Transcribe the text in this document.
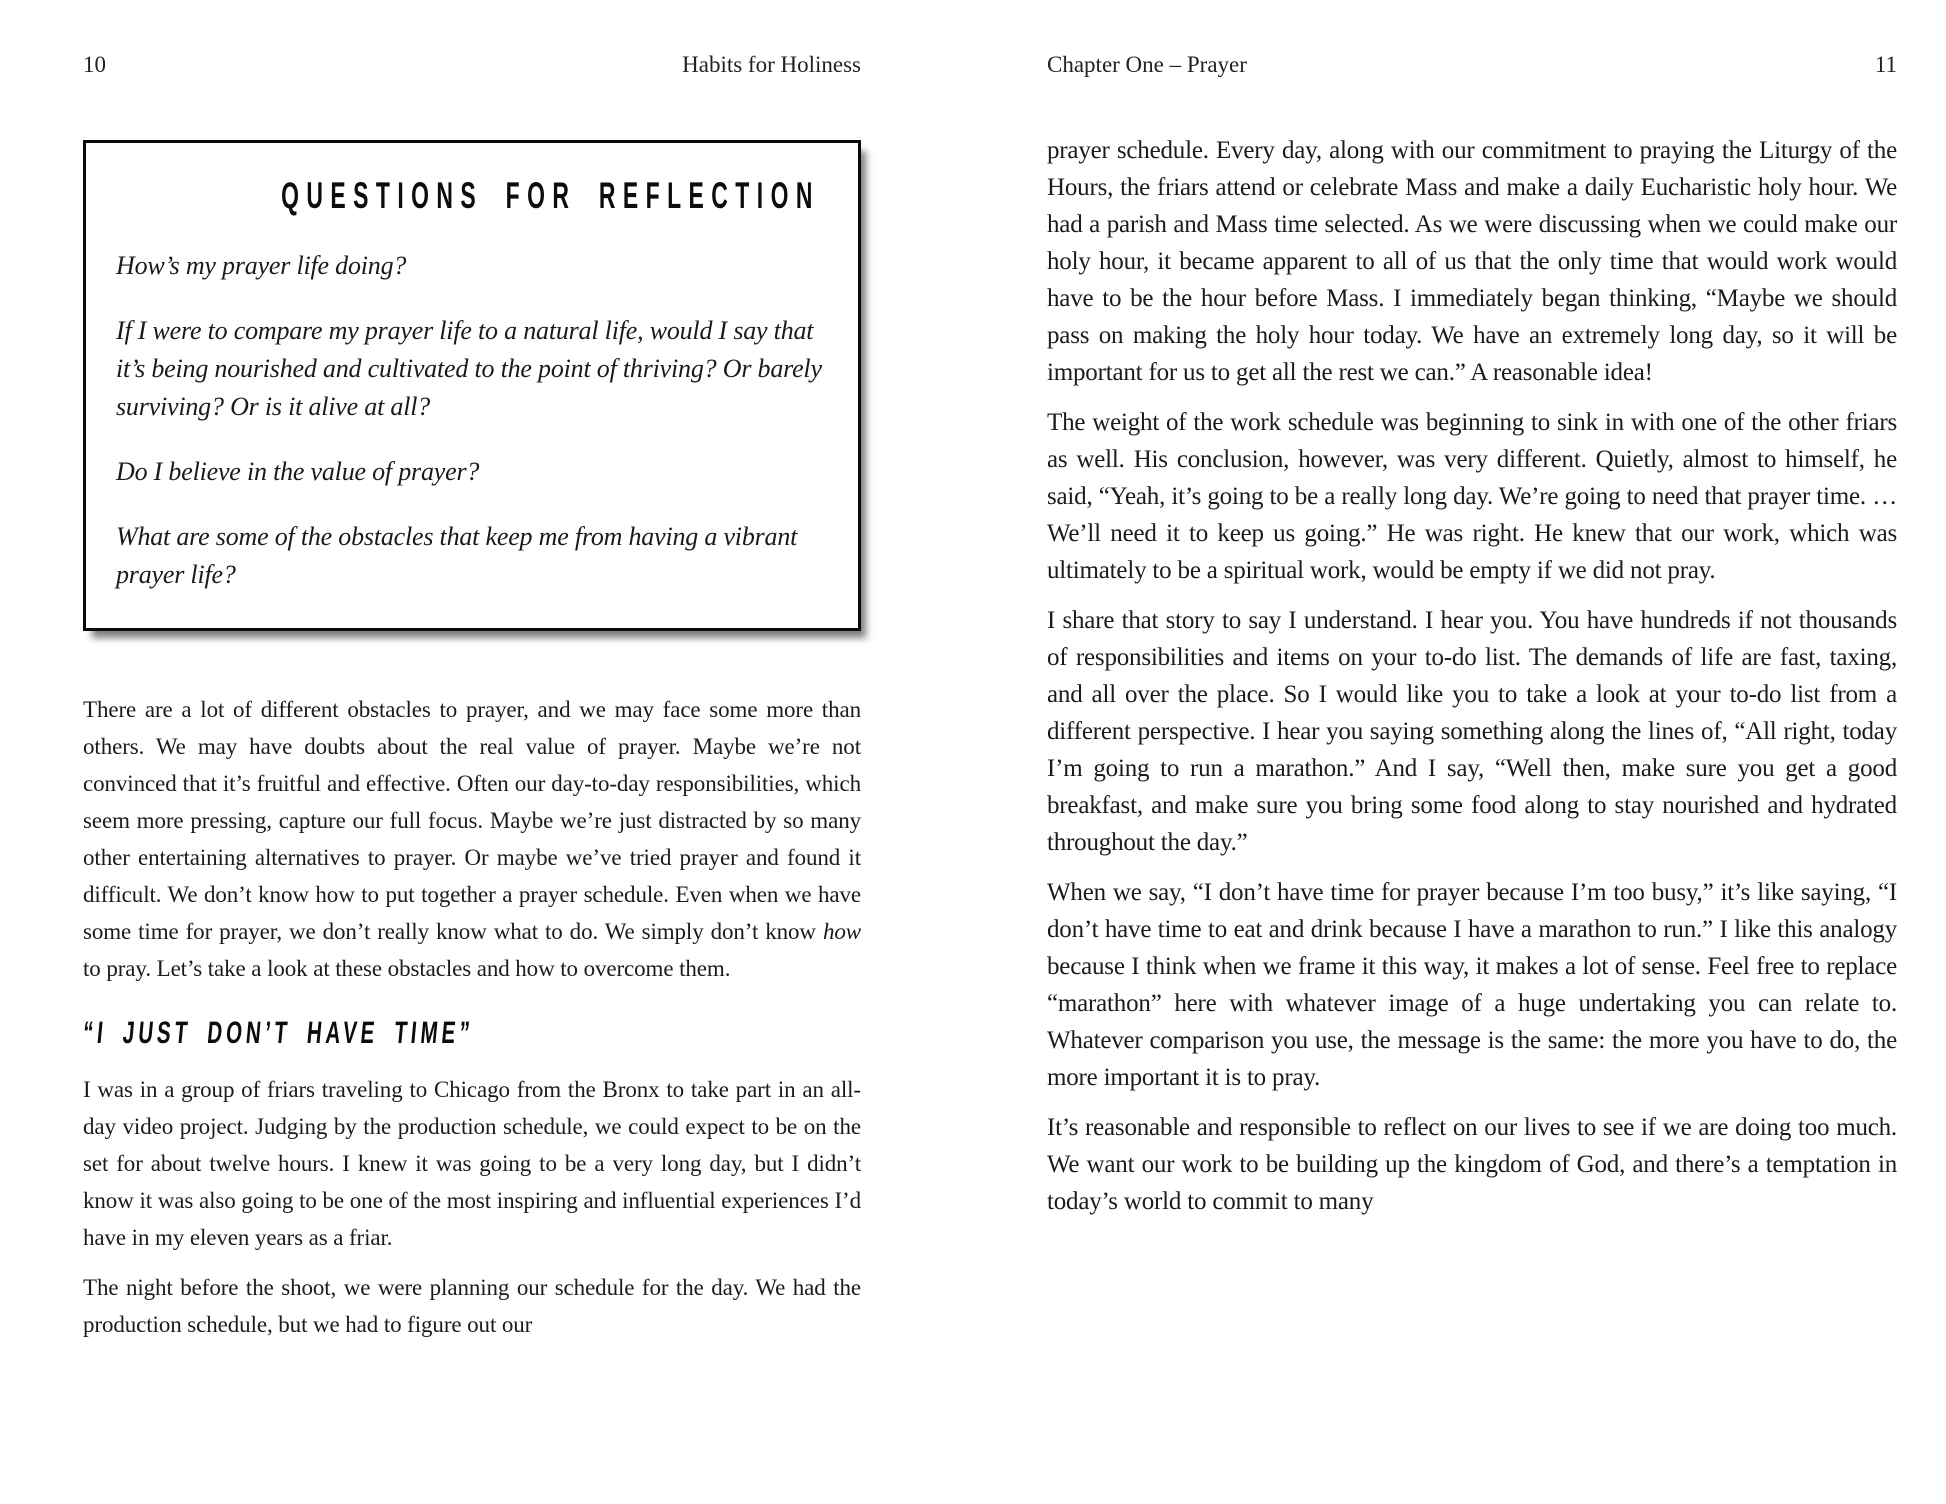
10	Habits for Holiness
QUESTIONS FOR REFLECTION

How’s my prayer life doing?

If I were to compare my prayer life to a natural life, would I say that it’s being nourished and cultivated to the point of thriving? Or barely surviving? Or is it alive at all?

Do I believe in the value of prayer?

What are some of the obstacles that keep me from having a vibrant prayer life?

There are a lot of different obstacles to prayer, and we may face some more than others. We may have doubts about the real value of prayer. Maybe we’re not convinced that it’s fruitful and effective. Often our day-to-day responsibilities, which seem more pressing, capture our full focus. Maybe we’re just distracted by so many other entertaining alternatives to prayer. Or maybe we’ve tried prayer and found it difficult. We don’t know how to put together a prayer schedule. Even when we have some time for prayer, we don’t really know what to do. We simply don’t know how to pray. Let’s take a look at these obstacles and how to overcome them.

“I JUST DON’T HAVE TIME”

I was in a group of friars traveling to Chicago from the Bronx to take part in an all-day video project. Judging by the production schedule, we could expect to be on the set for about twelve hours. I knew it was going to be a very long day, but I didn’t know it was also going to be one of the most inspiring and influential experiences I’d have in my eleven years as a friar.

The night before the shoot, we were planning our schedule for the day. We had the production schedule, but we had to figure out our

Chapter One – Prayer	11

prayer schedule. Every day, along with our commitment to praying the Liturgy of the Hours, the friars attend or celebrate Mass and make a daily Eucharistic holy hour. We had a parish and Mass time selected. As we were discussing when we could make our holy hour, it became apparent to all of us that the only time that would work would have to be the hour before Mass. I immediately began thinking, “Maybe we should pass on making the holy hour today. We have an extremely long day, so it will be important for us to get all the rest we can.” A reasonable idea!

The weight of the work schedule was beginning to sink in with one of the other friars as well. His conclusion, however, was very different. Quietly, almost to himself, he said, “Yeah, it’s going to be a really long day. We’re going to need that prayer time. … We’ll need it to keep us going.” He was right. He knew that our work, which was ultimately to be a spiritual work, would be empty if we did not pray.

I share that story to say I understand. I hear you. You have hundreds if not thousands of responsibilities and items on your to-do list. The demands of life are fast, taxing, and all over the place. So I would like you to take a look at your to-do list from a different perspective. I hear you saying something along the lines of, “All right, today I’m going to run a marathon.” And I say, “Well then, make sure you get a good breakfast, and make sure you bring some food along to stay nourished and hydrated throughout the day.”

When we say, “I don’t have time for prayer because I’m too busy,” it’s like saying, “I don’t have time to eat and drink because I have a marathon to run.” I like this analogy because I think when we frame it this way, it makes a lot of sense. Feel free to replace “marathon” here with whatever image of a huge undertaking you can relate to. Whatever comparison you use, the message is the same: the more you have to do, the more important it is to pray.

It’s reasonable and responsible to reflect on our lives to see if we are doing too much. We want our work to be building up the kingdom of God, and there’s a temptation in today’s world to commit to many
